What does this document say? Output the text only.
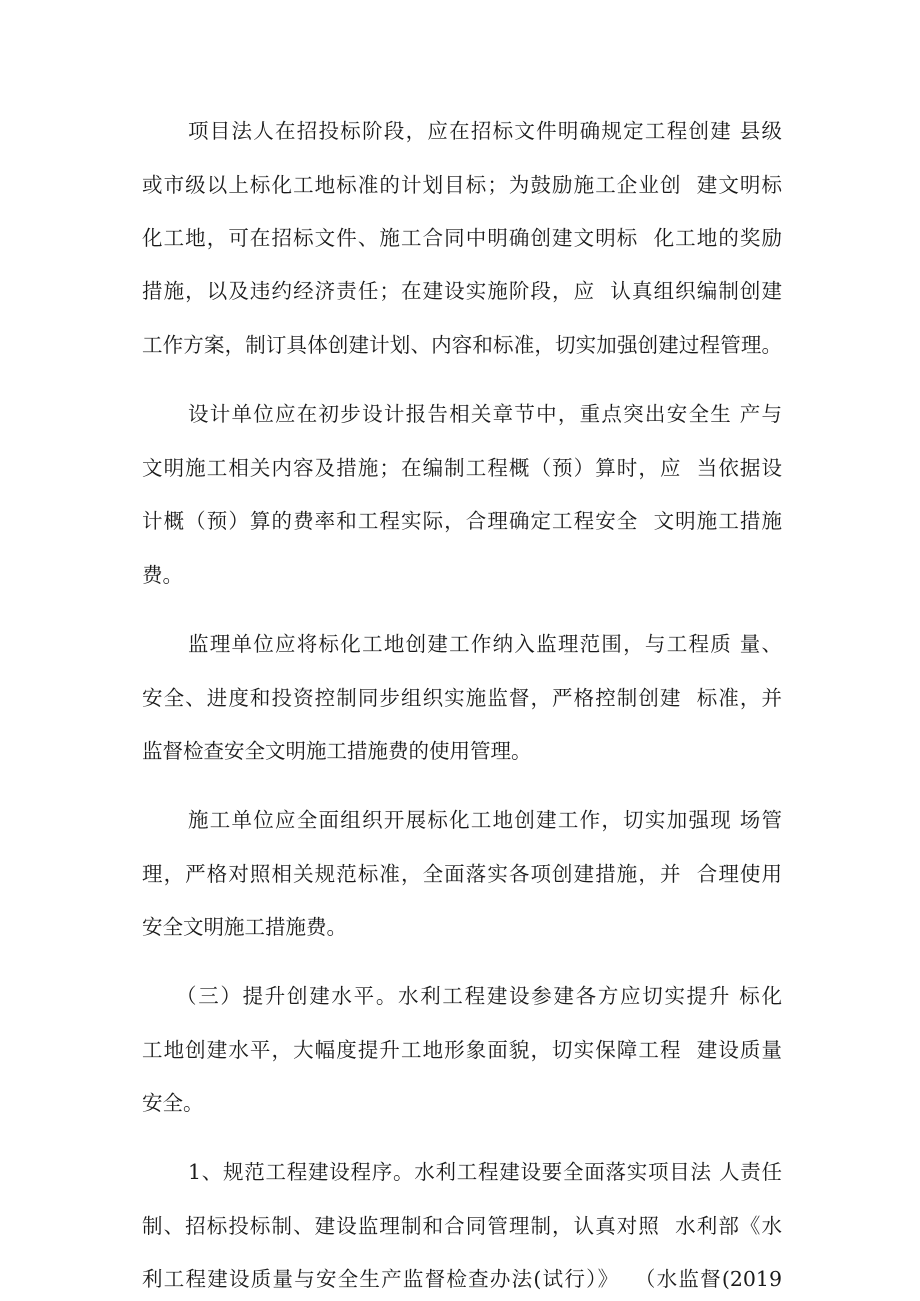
项目法人在招投标阶段，应在招标文件明确规定工程创建 县级
或市级以上标化工地标准的计划目标；为鼓励施工企业创  建文明标
化工地，可在招标文件、施工合同中明确创建文明标  化工地的奖励
措施，以及违约经济责任；在建设实施阶段，应  认真组织编制创建
工作方案，制订具体创建计划、内容和标准，切实加强创建过程管理。
设计单位应在初步设计报告相关章节中，重点突出安全生 产与
文明施工相关内容及措施；在编制工程概（预）算时，应  当依据设
计概（预）算的费率和工程实际，合理确定工程安全  文明施工措施
费。
监理单位应将标化工地创建工作纳入监理范围，与工程质 量、
安全、进度和投资控制同步组织实施监督，严格控制创建  标准，并
监督检查安全文明施工措施费的使用管理。
施工单位应全面组织开展标化工地创建工作，切实加强现 场管
理，严格对照相关规范标准，全面落实各项创建措施，并  合理使用
安全文明施工措施费。
（三）提升创建水平。水利工程建设参建各方应切实提升 标化
工地创建水平，大幅度提升工地形象面貌，切实保障工程  建设质量
安全。
1、规范工程建设程序。水利工程建设要全面落实项目法 人责任
制、招标投标制、建设监理制和合同管理制，认真对照  水利部《水
利工程建设质量与安全生产监督检查办法(试行）》  （水监督(2019
